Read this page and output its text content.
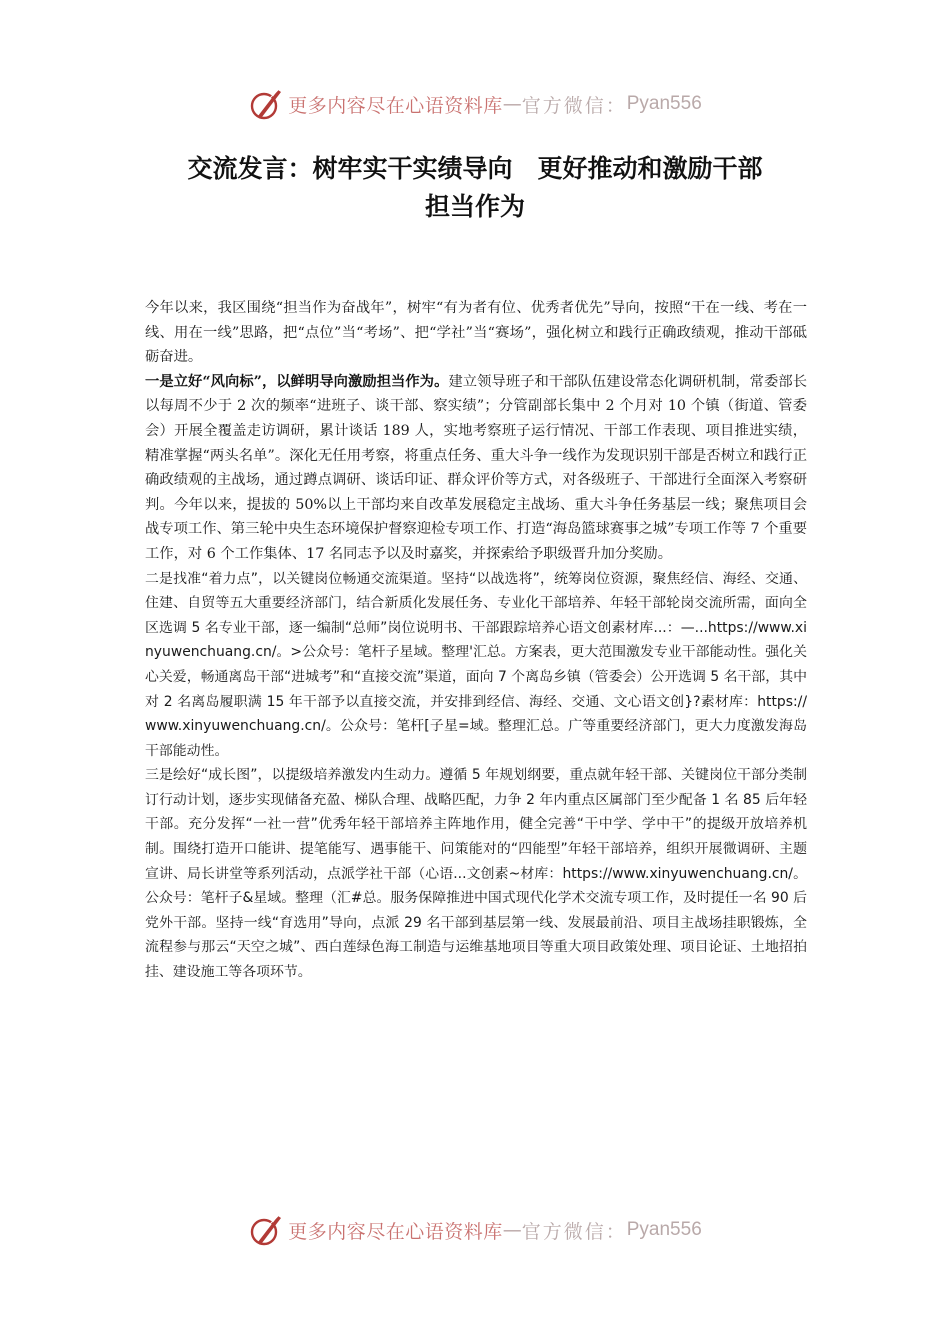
更多内容尽在心语资料库 — 官方微信： Pyan556
交流发言：树牢实干实绩导向　更好推动和激励干部
担当作为

今年以来，我区围绕“担当作为奋战年”，树牢“有为者有位、优秀者优先”导向，按照“干在一线、考在一线、用在一线”思路，把“点位”当“考场”、把“学社”当“赛场”，强化树立和践行正确政绩观，推动干部砥砺奋进。

一是立好“风向标”，以鲜明导向激励担当作为。建立领导班子和干部队伍建设常态化调研机制，常委部长以每周不少于 2 次的频率“进班子、谈干部、察实绩”；分管副部长集中 2 个月对 10 个镇（街道、管委会）开展全覆盖走访调研，累计谈话 189 人，实地考察班子运行情况、干部工作表现、项目推进实绩，精准掌握“两头名单”。深化无任用考察，将重点任务、重大斗争一线作为发现识别干部是否树立和践行正确政绩观的主战场，通过蹲点调研、谈话印证、群众评价等方式，对各级班子、干部进行全面深入考察研判。今年以来，提拔的 50%以上干部均来自改革发展稳定主战场、重大斗争任务基层一线；聚焦项目会战专项工作、第三轮中央生态环境保护督察迎检专项工作、打造“海岛篮球赛事之城”专项工作等 7 个重要工作，对 6 个工作集体、17 名同志予以及时嘉奖，并探索给予职级晋升加分奖励。

二是找准“着力点”，以关键岗位畅通交流渠道。坚持“以战选将”，统筹岗位资源，聚焦经信、海经、交通、住建、自贸等五大重要经济部门，结合新质化发展任务、专业化干部培养、年轻干部轮岗交流所需，面向全区选调 5 名专业干部，逐一编制“总师”岗位说明书、干部跟踪培养心语文创素材库...：—...https://www.xinyuwenchuang.cn/。>公众号：笔杆子星域。整理'汇总。方案表，更大范围激发专业干部能动性。强化关心关爱，畅通离岛干部“进城考”和“直接交流”渠道，面向 7 个离岛乡镇（管委会）公开选调 5 名干部，其中对 2 名离岛履职满 15 年干部予以直接交流，并安排到经信、海经、交通、文心语文创}?素材库：https://www.xinyuwenchuang.cn/。公众号：笔杆[子星=域。整理汇总。广等重要经济部门，更大力度激发海岛干部能动性。

三是绘好“成长图”，以提级培养激发内生动力。遵循 5 年规划纲要，重点就年轻干部、关键岗位干部分类制订行动计划，逐步实现储备充盈、梯队合理、战略匹配，力争 2 年内重点区属部门至少配备 1 名 85 后年轻干部。充分发挥“一社一营”优秀年轻干部培养主阵地作用，健全完善“干中学、学中干”的提级开放培养机制。围绕打造开口能讲、提笔能写、遇事能干、问策能对的“四能型”年轻干部培养，组织开展微调研、主题宣讲、局长讲堂等系列活动，点派学社干部（心语...文创素~材库：https://www.xinyuwenchuang.cn/。公众号：笔杆子&星域。整理（汇#总。服务保障推进中国式现代化学术交流专项工作，及时提任一名 90 后党外干部。坚持一线“育选用”导向，点派 29 名干部到基层第一线、发展最前沿、项目主战场挂职锻炼，全流程参与那云“天空之城”、西白莲绿色海工制造与运维基地项目等重大项目政策处理、项目论证、土地招拍挂、建设施工等各项环节。

更多内容尽在心语资料库 — 官方微信： Pyan556
